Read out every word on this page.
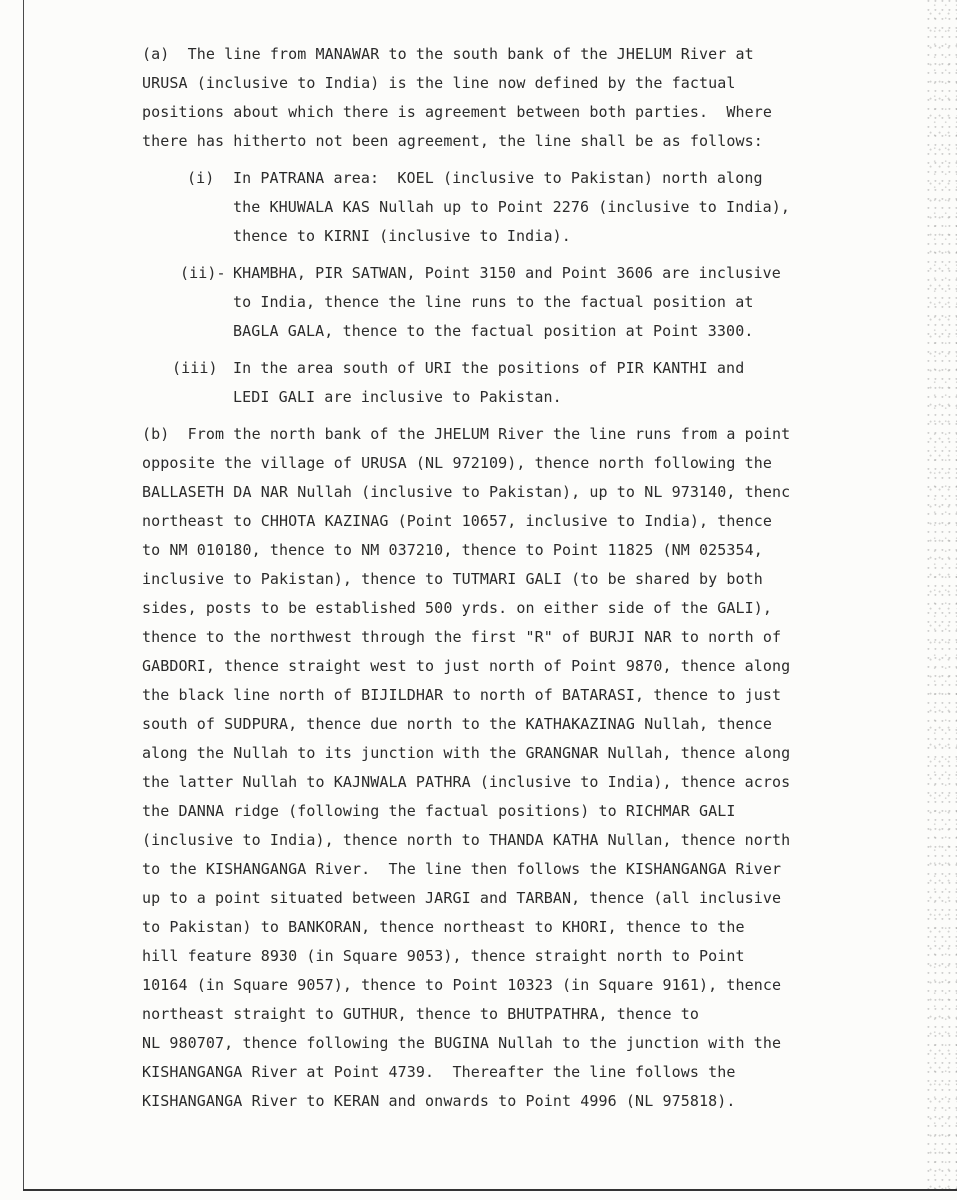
(a)  The line from MANAWAR to the south bank of the JHELUM River at
URUSA (inclusive to India) is the line now defined by the factual
positions about which there is agreement between both parties.  Where
there has hitherto not been agreement, the line shall be as follows:
(i) In PATRANA area:  KOEL (inclusive to Pakistan) north along
the KHUWALA KAS Nullah up to Point 2276 (inclusive to India),
thence to KIRNI (inclusive to India).
(ii)- KHAMBHA, PIR SATWAN, Point 3150 and Point 3606 are inclusive
to India, thence the line runs to the factual position at
BAGLA GALA, thence to the factual position at Point 3300.
(iii) In the area south of URI the positions of PIR KANTHI and
LEDI GALI are inclusive to Pakistan.
(b)  From the north bank of the JHELUM River the line runs from a point
opposite the village of URUSA (NL 972109), thence north following the
BALLASETH DA NAR Nullah (inclusive to Pakistan), up to NL 973140, thenc
northeast to CHHOTA KAZINAG (Point 10657, inclusive to India), thence
to NM 010180, thence to NM 037210, thence to Point 11825 (NM 025354,
inclusive to Pakistan), thence to TUTMARI GALI (to be shared by both
sides, posts to be established 500 yrds. on either side of the GALI),
thence to the northwest through the first "R" of BURJI NAR to north of
GABDORI, thence straight west to just north of Point 9870, thence along
the black line north of BIJILDHAR to north of BATARASI, thence to just
south of SUDPURA, thence due north to the KATHAKAZINAG Nullah, thence
along the Nullah to its junction with the GRANGNAR Nullah, thence along
the latter Nullah to KAJNWALA PATHRA (inclusive to India), thence acros
the DANNA ridge (following the factual positions) to RICHMAR GALI
(inclusive to India), thence north to THANDA KATHA Nullan, thence north
to the KISHANGANGA River.  The line then follows the KISHANGANGA River
up to a point situated between JARGI and TARBAN, thence (all inclusive
to Pakistan) to BANKORAN, thence northeast to KHORI, thence to the
hill feature 8930 (in Square 9053), thence straight north to Point
10164 (in Square 9057), thence to Point 10323 (in Square 9161), thence
northeast straight to GUTHUR, thence to BHUTPATHRA, thence to
NL 980707, thence following the BUGINA Nullah to the junction with the
KISHANGANGA River at Point 4739.  Thereafter the line follows the
KISHANGANGA River to KERAN and onwards to Point 4996 (NL 975818).
